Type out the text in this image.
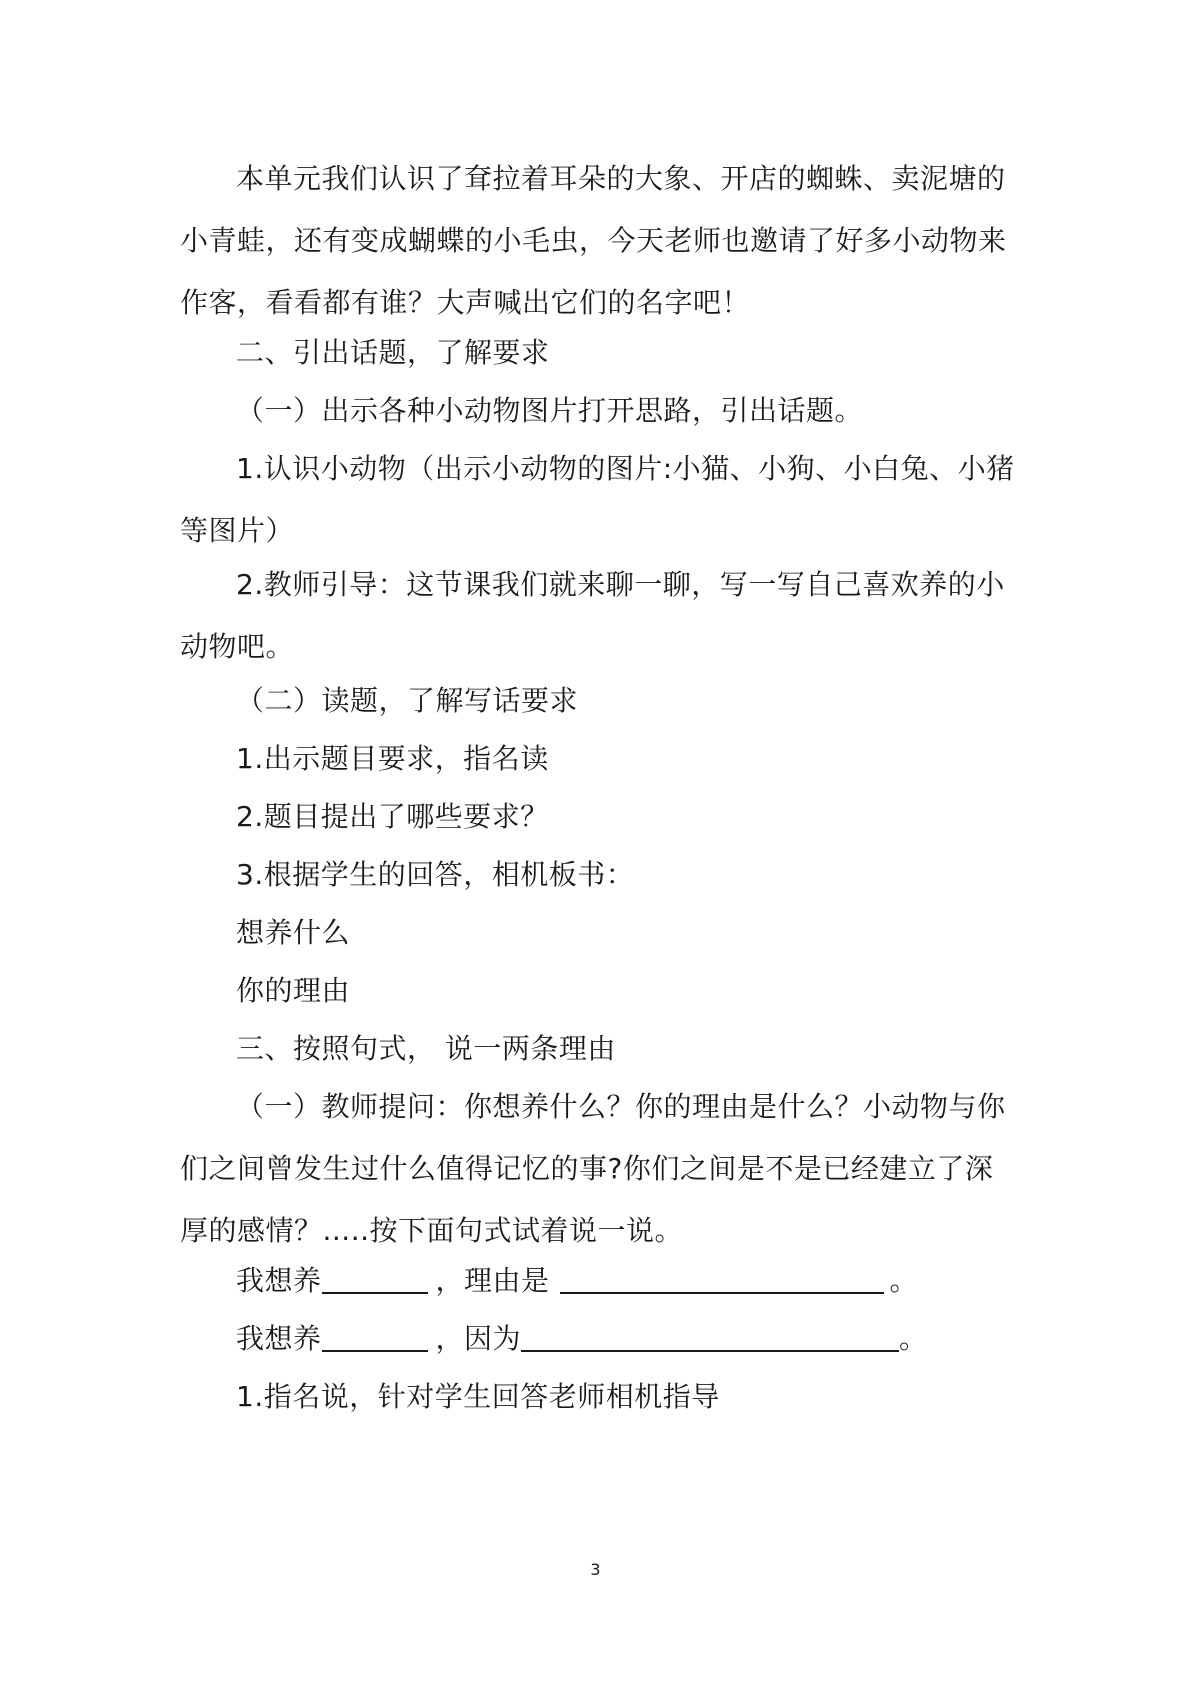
本单元我们认识了耷拉着耳朵的大象、开店的蜘蛛、卖泥塘的小青蛙，还有变成蝴蝶的小毛虫，今天老师也邀请了好多小动物来作客，看看都有谁？大声喊出它们的名字吧！
二、引出话题，了解要求
（一）出示各种小动物图片打开思路，引出话题。
1.认识小动物（出示小动物的图片:小猫、小狗、小白兔、小猪等图片）
2.教师引导：这节课我们就来聊一聊，写一写自己喜欢养的小动物吧。
（二）读题，了解写话要求
1.出示题目要求，指名读
2.题目提出了哪些要求？
3.根据学生的回答，相机板书：
想养什么
你的理由
三、按照句式， 说一两条理由
（一）教师提问：你想养什么？你的理由是什么？小动物与你们之间曾发生过什么值得记忆的事?你们之间是不是已经建立了深厚的感情？.....按下面句式试着说一说。
我想养	，理由是	。
我想养	，因为	。
1.指名说，针对学生回答老师相机指导
3
